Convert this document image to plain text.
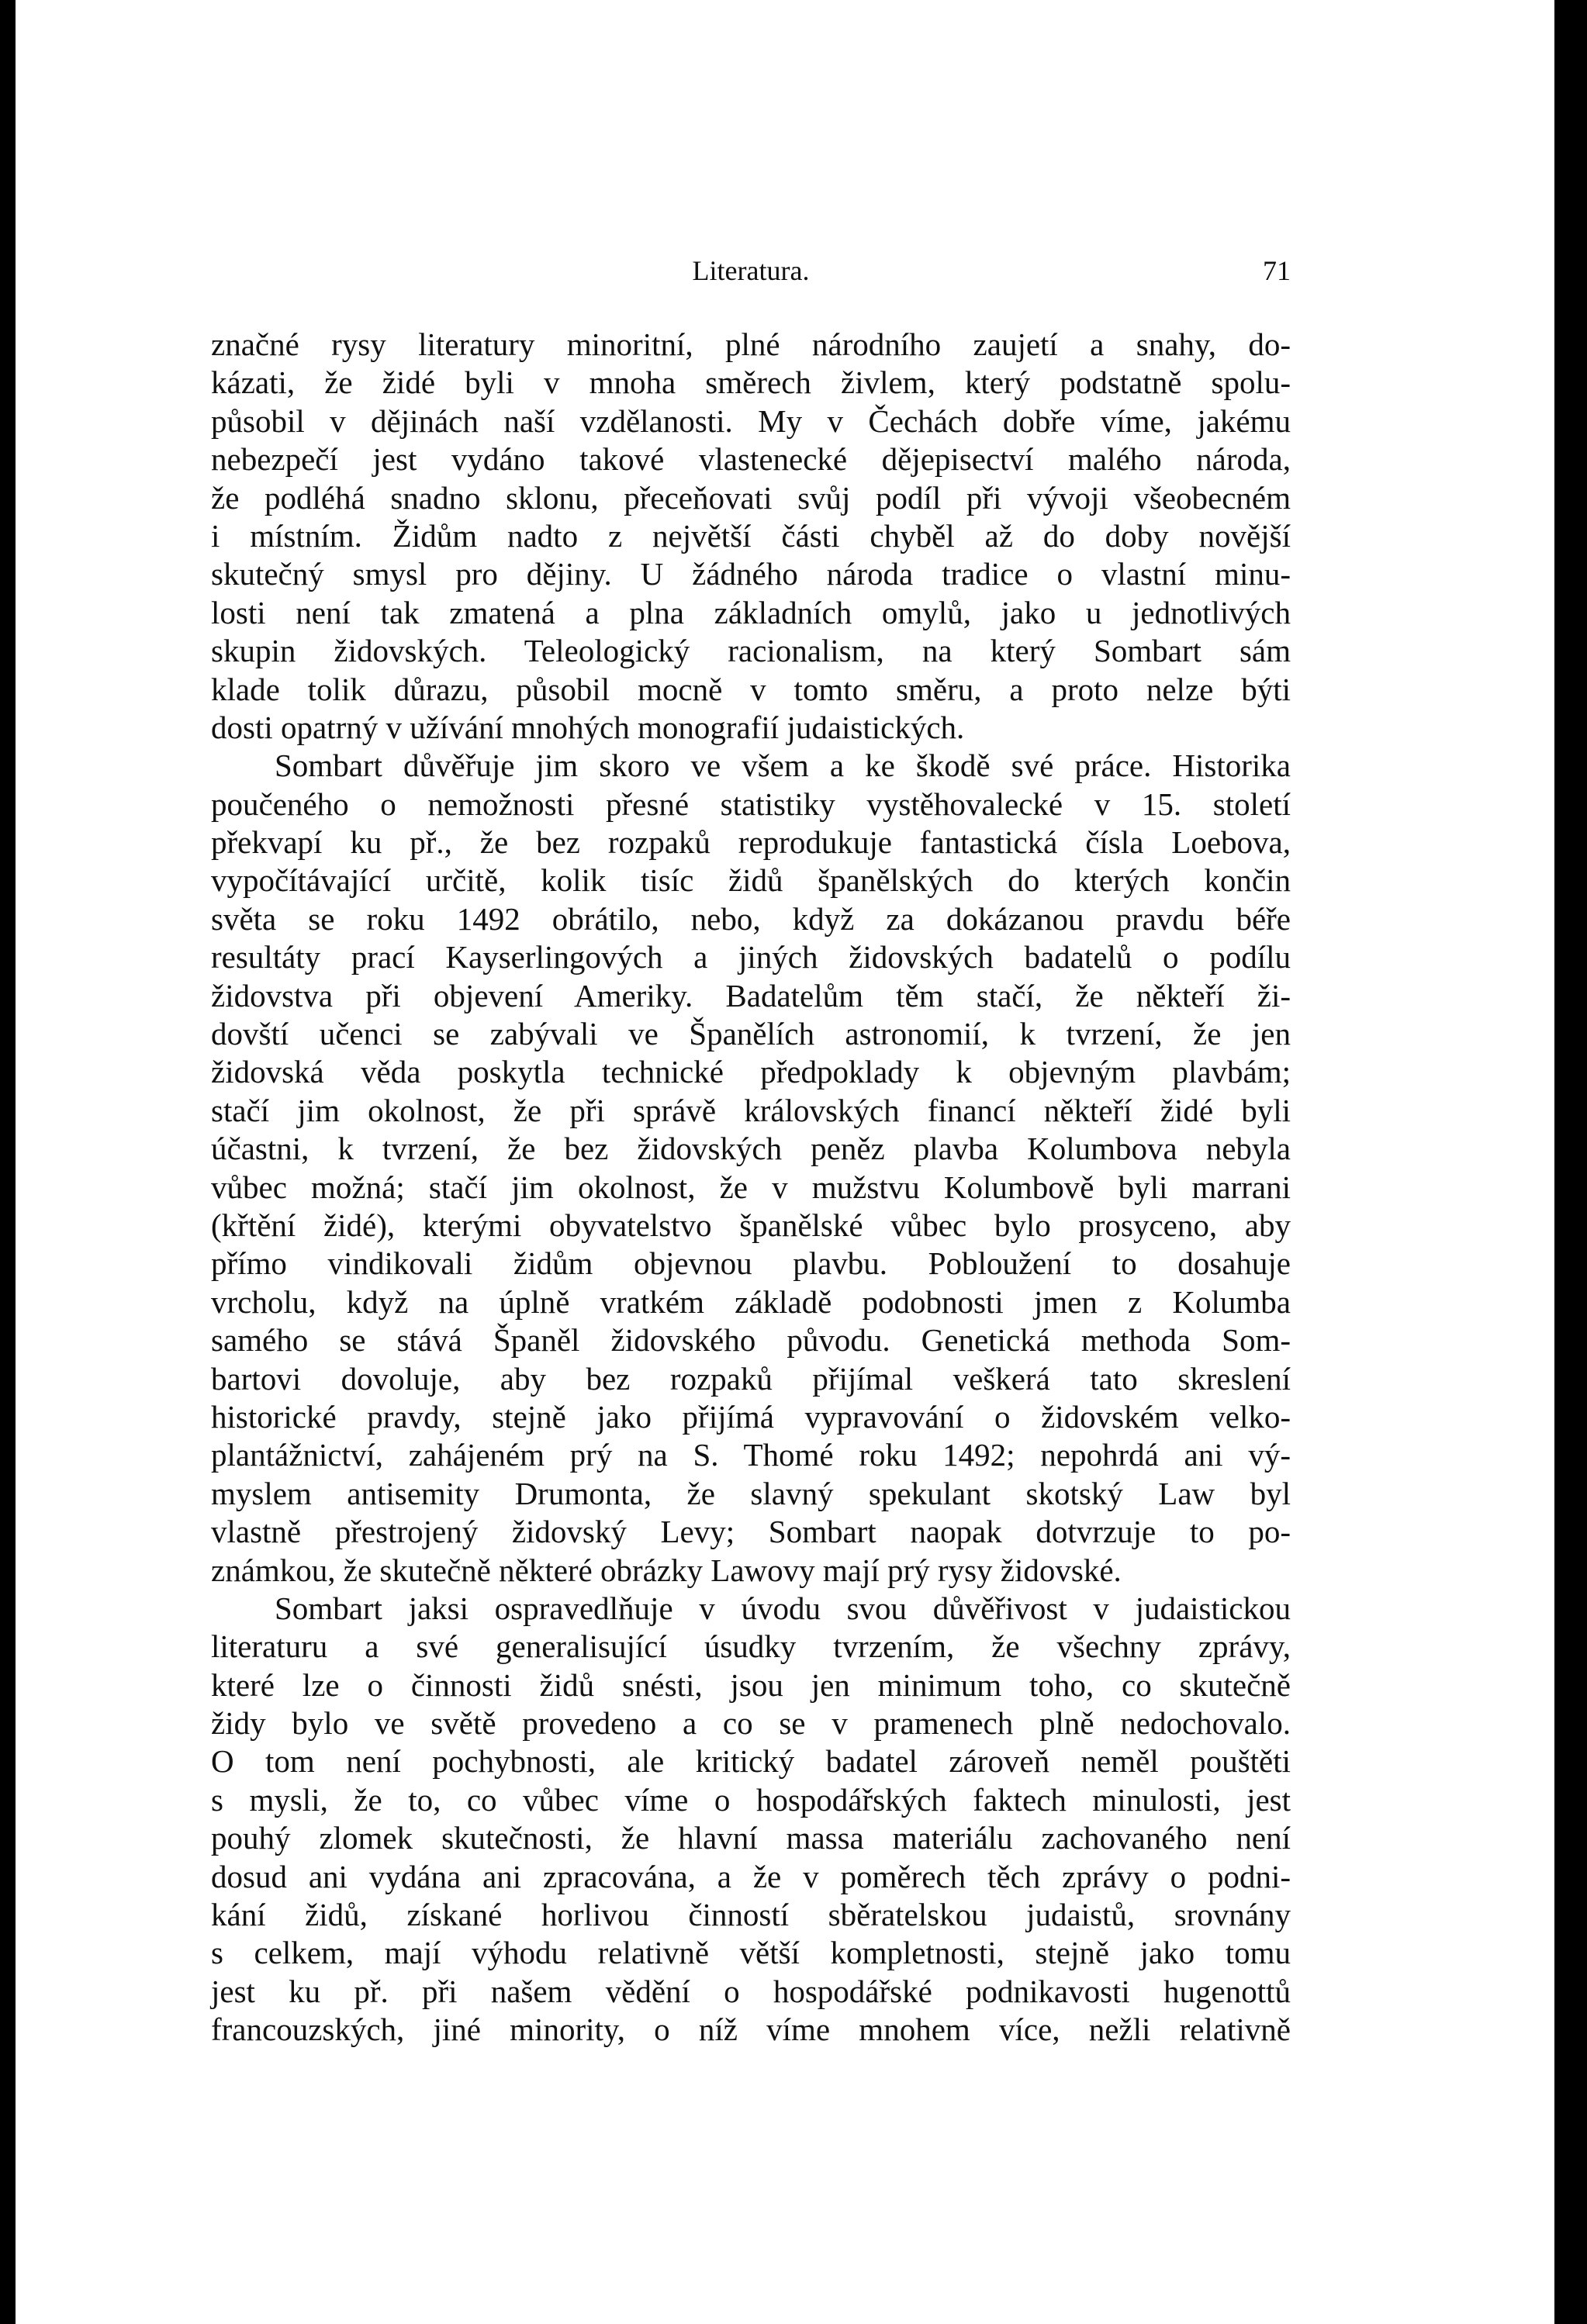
Literatura.	71
značné rysy literatury minoritní, plné národního zaujetí a snahy, do-
kázati, že židé byli v mnoha směrech živlem, který podstatně spolu-
působil v dějinách naší vzdělanosti. My v Čechách dobře víme, jakému
nebezpečí jest vydáno takové vlastenecké dějepisectví malého národa,
že podléhá snadno sklonu, přeceňovati svůj podíl při vývoji všeobecném
i místním. Židům nadto z největší části chyběl až do doby novější
skutečný smysl pro dějiny. U žádného národa tradice o vlastní minu-
losti není tak zmatená a plna základních omylů, jako u jednotlivých
skupin židovských. Teleologický racionalism, na který Sombart sám
klade tolik důrazu, působil mocně v tomto směru, a proto nelze býti
dosti opatrný v užívání mnohých monografií judaistických.
Sombart důvěřuje jim skoro ve všem a ke škodě své práce. Historika
poučeného o nemožnosti přesné statistiky vystěhovalecké v 15. století
překvapí ku př., že bez rozpaků reprodukuje fantastická čísla Loebova,
vypočítávající určitě, kolik tisíc židů španělských do kterých končin
světa se roku 1492 obrátilo, nebo, když za dokázanou pravdu béře
resultáty prací Kayserlingových a jiných židovských badatelů o podílu
židovstva při objevení Ameriky. Badatelům těm stačí, že někteří ži-
dovští učenci se zabývali ve Španělích astronomií, k tvrzení, že jen
židovská věda poskytla technické předpoklady k objevným plavbám;
stačí jim okolnost, že při správě královských financí někteří židé byli
účastni, k tvrzení, že bez židovských peněz plavba Kolumbova nebyla
vůbec možná; stačí jim okolnost, že v mužstvu Kolumbově byli marrani
(křtění židé), kterými obyvatelstvo španělské vůbec bylo prosyceno, aby
přímo vindikovali židům objevnou plavbu. Pobloužení to dosahuje
vrcholu, když na úplně vratkém základě podobnosti jmen z Kolumba
samého se stává Španěl židovského původu. Genetická methoda Som-
bartovi dovoluje, aby bez rozpaků přijímal veškerá tato skreslení
historické pravdy, stejně jako přijímá vypravování o židovském velko-
plantážnictví, zahájeném prý na S. Thomé roku 1492; nepohrdá ani vý-
myslem antisemity Drumonta, že slavný spekulant skotský Law byl
vlastně přestrojený židovský Levy; Sombart naopak dotvrzuje to po-
známkou, že skutečně některé obrázky Lawovy mají prý rysy židovské.
Sombart jaksi ospravedlňuje v úvodu svou důvěřivost v judaistickou
literaturu a své generalisující úsudky tvrzením, že všechny zprávy,
které lze o činnosti židů snésti, jsou jen minimum toho, co skutečně
židy bylo ve světě provedeno a co se v pramenech plně nedochovalo.
O tom není pochybnosti, ale kritický badatel zároveň neměl pouštěti
s mysli, že to, co vůbec víme o hospodářských faktech minulosti, jest
pouhý zlomek skutečnosti, že hlavní massa materiálu zachovaného není
dosud ani vydána ani zpracována, a že v poměrech těch zprávy o podni-
kání židů, získané horlivou činností sběratelskou judaistů, srovnány
s celkem, mají výhodu relativně větší kompletnosti, stejně jako tomu
jest ku př. při našem vědění o hospodářské podnikavosti hugenottů
francouzských, jiné minority, o níž víme mnohem více, nežli relativně
